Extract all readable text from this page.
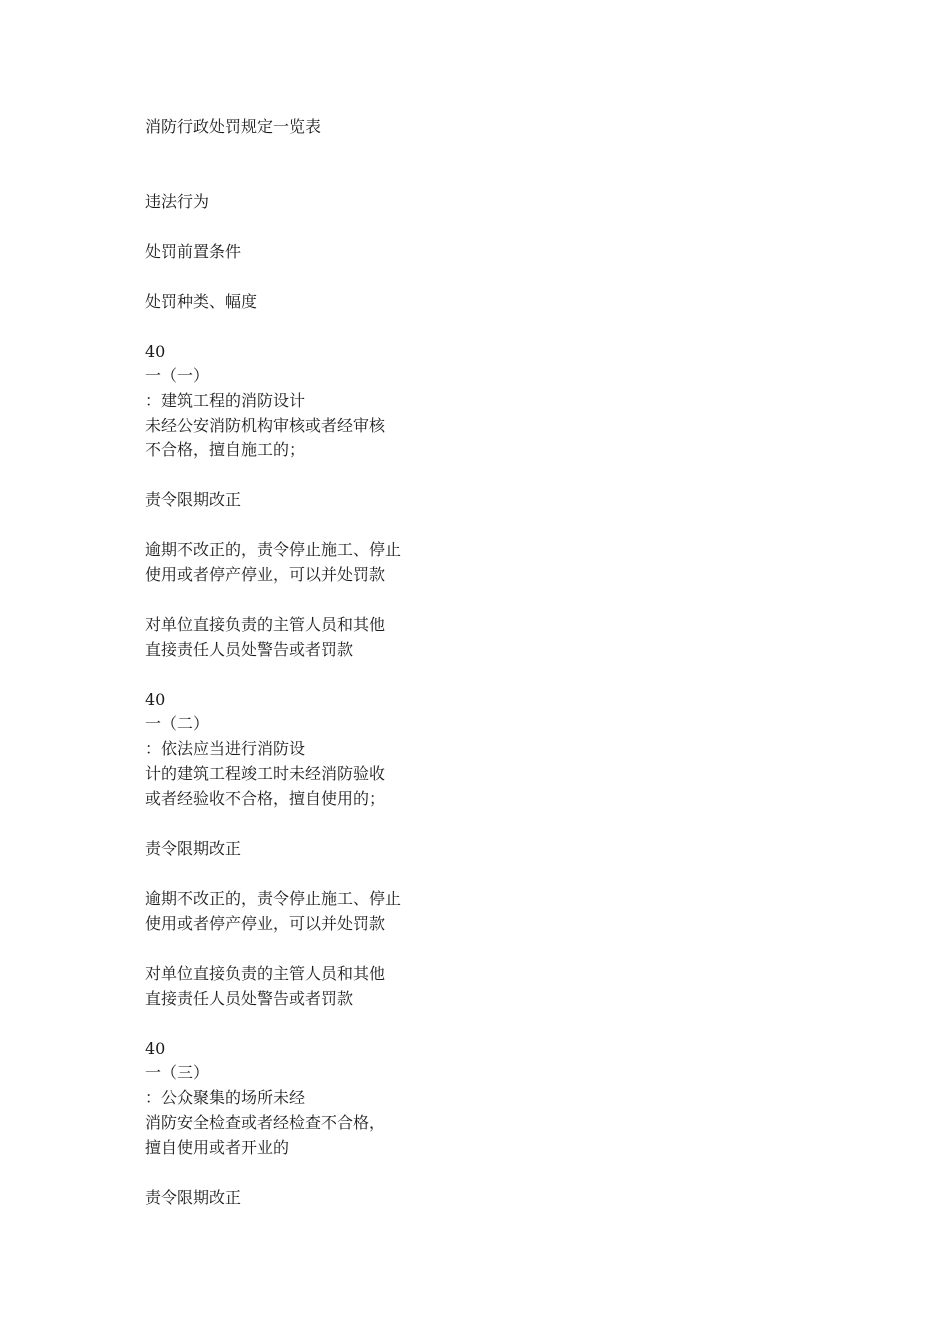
消防行政处罚规定一览表
违法行为
处罚前置条件
处罚种类、幅度
40
一（一）
：建筑工程的消防设计
未经公安消防机构审核或者经审核
不合格，擅自施工的；
责令限期改正
逾期不改正的，责令停止施工、停止
使用或者停产停业，可以并处罚款
对单位直接负责的主管人员和其他
直接责任人员处警告或者罚款
40
一（二）
：依法应当进行消防设
计的建筑工程竣工时未经消防验收
或者经验收不合格，擅自使用的；
责令限期改正
逾期不改正的，责令停止施工、停止
使用或者停产停业，可以并处罚款
对单位直接负责的主管人员和其他
直接责任人员处警告或者罚款
40
一（三）
：公众聚集的场所未经
消防安全检查或者经检查不合格，
擅自使用或者开业的
责令限期改正
